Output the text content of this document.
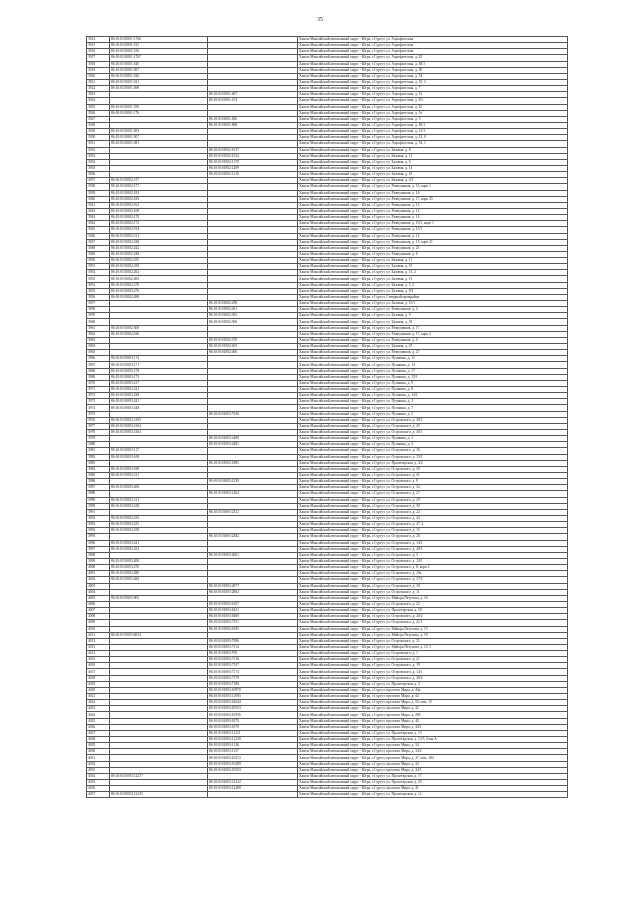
35
3914	86:10:0101001:1766		Ханты-Мансийский автономный округ - Югра, г.Сургут, ул. Аэрофлотская
3915	86:10:0101001:515		Ханты-Мансийский автономный округ - Югра, г.Сургут, ул. Аэрофлотская
3916	86:10:0101001:516		Ханты-Мансийский автономный округ - Югра, г.Сургут, ул. Аэрофлотская
3917	86:10:0101001:1767		Ханты-Мансийский автономный округ - Югра, г.Сургут, ул. Аэрофлотская, д. 25
3918	86:10:0101001:540		Ханты-Мансийский автономный округ - Югра, г.Сургут, ул. Аэрофлотская, д. 48/1
3919	86:10:0101001:567		Ханты-Мансийский автономный округ - Югра, г.Сургут, ул. Аэрофлотская, д. 50
3920	86:10:0101001:520		Ханты-Мансийский автономный округ - Югра, г.Сургут, ул. Аэрофлотская, д. 54
3921	86:10:0101001:521		Ханты-Мансийский автономный округ - Югра, г.Сургут, ул. Аэрофлотская, д. 25, 3
3922	86:10:0101001:498		Ханты-Мансийский автономный округ - Югра, г.Сургут, ул. Аэрофлотская, д. 7
3923		86:10:0101001:467	Ханты-Мансийский автономный округ - Югра, г.Сургут, ул. Аэрофлотская, д. 12
3924		86:10:0101001:474	Ханты-Мансийский автономный округ - Югра, г.Сургут, ул. Аэрофлотская, д. 8/2
3925	86:10:0101001:550		Ханты-Мансийский автономный округ - Югра, г.Сургут, ул. Аэрофлотская, д. 25
3926	86:10:0101001:176		Ханты-Мансийский автономный округ - Югра, г.Сургут, ул. Аэрофлотская, д. 5а
3927		86:10:0101001:836	Ханты-Мансийский автономный округ - Югра, г.Сургут, ул. Аэрофлотская, д. 5
3928		86:10:0101001:868	Ханты-Мансийский автономный округ - Югра, г.Сургут, ул. Аэрофлотская, д. 48/1
3929	86:10:0101001:493		Ханты-Мансийский автономный округ - Югра, г.Сургут, ул. Аэрофлотская, д. 12/1
3930	86:10:0101001:507		Ханты-Мансийский автономный округ - Югра, г.Сургут, ул. Аэрофлотская, д. 23, 0
3931	86:10:0101001:581		Ханты-Мансийский автономный округ - Югра, г.Сургут, ул. Аэрофлотская, д. 54, 1
3932		86:10:0101002:1017	Ханты-Мансийский автономный округ - Югра, г.Сургут, ул. Базовая, д. 8
3933		86:10:0101002:1024	Ханты-Мансийский автономный округ - Югра, г.Сургут, ул. Базовая, д. 12
3934		86:10:0101002:1170	Ханты-Мансийский автономный округ - Югра, г.Сургут, ул. Базовая, д. 9
3935		86:10:0101002:1209	Ханты-Мансийский автономный округ - Югра, г.Сургут, ул. Базовая, д. 14
3936		86:10:0101002:1210	Ханты-Мансийский автономный округ - Югра, г.Сургут, ул. Базовая, д. 10
3937	86:10:0101002:157		Ханты-Мансийский автономный округ - Югра, г.Сургут, ул. Базовая, д. 4/2
3938	86:10:0101002:177		Ханты-Мансийский автономный округ - Югра, г.Сургут, ул. Разведчиков, д. 15, корп 1
3939	86:10:0101002:182		Ханты-Мансийский автономный округ - Югра, г.Сургут, ул. Разведчиков, д. 16
3940	86:10:0101002:185		Ханты-Мансийский автономный округ - Югра, г.Сургут, ул. Разведчиков, д. 17, корп 25
3941	86:10:0101002:162		Ханты-Мансийский автономный округ - Югра, г.Сургут, ул. Разведчиков, д. 13
3942	86:10:0101002:168		Ханты-Мансийский автономный округ - Югра, г.Сургут, ул. Разведчиков, д. 12
3943	86:10:0101002:170		Ханты-Мансийский автономный округ - Югра, г.Сургут, ул. Разведчиков, д. 14
3944	86:10:0101002:172		Ханты-Мансийский автономный округ - Югра, г.Сургут, ул. Разведчиков, д. 10/1, корп 1
3945	86:10:0101002:194		Ханты-Мансийский автономный округ - Югра, г.Сургут, ул. Разведчиков, д. 15/1
3946	86:10:0101002:212		Ханты-Мансийский автономный округ - Югра, г.Сургут, ул. Разведчиков, д. 12
3947	86:10:0101002:236		Ханты-Мансийский автономный округ - Югра, г.Сургут, ул. Разведчиков, д. 15, корп 21
3948	86:10:0101002:242		Ханты-Мансийский автономный округ - Югра, г.Сургут, ул. Разведчиков, д. 25
3949	86:10:0101002:248		Ханты-Мансийский автономный округ - Югра, г.Сургут, ул. Разведчиков, д. 8
3950	86:10:0101002:255		Ханты-Мансийский автономный округ - Югра, г.Сургут, ул. Базовая, д. 11
3951	86:10:0101002:258		Ханты-Мансийский автономный округ - Югра, г.Сургут, ул. Базовая, д. 15
3952	86:10:0101002:262		Ханты-Мансийский автономный округ - Югра, г.Сургут, ул. Базовая, д. 15, 2
3953	86:10:0101002:265		Ханты-Мансийский автономный округ - Югра, г.Сургут, ул. Базовая, д. 15
3954	86:10:0101002:270		Ханты-Мансийский автономный округ - Югра, г.Сургут, ул. Базовая, д. 5, 2
3955	86:10:0101002:276		Ханты-Мансийский автономный округ - Югра, г.Сургут, ул. Базовая, д. 9/2
3956	86:10:0101002:286		Ханты-Мансийский автономный округ - Югра, г.Сургут, Северный промрайон
3957		86:10:0101002:298	Ханты-Мансийский автономный округ - Югра, г.Сургут, ул. Базовая, д. 15/1
3958		86:10:0101002:301	Ханты-Мансийский автономный округ - Югра, г.Сургут, ул. Разведчиков, д. 4
3959		86:10:0101002:305	Ханты-Мансийский автономный округ - Югра, г.Сургут, ул. Базовая, д. 9
3960		86:10:0101002:306	Ханты-Мансийский автономный округ - Югра, г.Сургут, ул. Базовая, д. 91
3961	86:10:0101002:300		Ханты-Мансийский автономный округ - Югра, г.Сургут, ул. Разведчиков, д. 17
3962	86:10:0101002:166		Ханты-Мансийский автономный округ - Югра, г.Сургут, ул. Разведчиков, д. 17, корп 2
3963		86:10:0101002:370	Ханты-Мансийский автономный округ - Югра, г.Сургут, ул. Разведчиков, д. 4
3964		86:10:0101002:403	Ханты-Мансийский автономный округ - Югра, г.Сургут, ул. Базовая, д. 47
3965		86:10:0101002:406	Ханты-Мансийский автономный округ - Югра, г.Сургут, ул. Разведчиков, д. 27
3966	86:10:0101003:174		Ханты-Мансийский автономный округ - Югра, г.Сургут, ул. Пушкина, д. 12
3967	86:10:0101003:171		Ханты-Мансийский автономный округ - Югра, г.Сургут, ул. Пушкина, д. 14
3968	86:10:0101003:178		Ханты-Мансийский автономный округ - Югра, г.Сургут, ул. Пушкина, д. 17
3969	86:10:0101003:173		Ханты-Мансийский автономный округ - Югра, г.Сургут, ул. Пушкина, д. 15/1
3970	86:10:0101003:217		Ханты-Мансийский автономный округ - Югра, г.Сургут, ул. Пушкина, д. 9
3971	86:10:0101003:221		Ханты-Мансийский автономный округ - Югра, г.Сургут, ул. Пушкина, д. 8
3972	86:10:0101003:238		Ханты-Мансийский автономный округ - Югра, г.Сургут, ул. Пушкина, д. 14/1
3973	86:10:0101003:241		Ханты-Мансийский автономный округ - Югра, г.Сургут, ул. Пушкина, д. 3
3974	86:10:0101003:248		Ханты-Мансийский автономный округ - Югра, г.Сургут, ул. Пушкина, д. 7
3975		86:10:0101003:7946	Ханты-Мансийский автономный округ - Югра, г.Сургут, ул. Пушкина, д. 5
3976	86:10:0101003:2165		Ханты-Мансийский автономный округ - Югра, г.Сургут, ул. Островского, д. 28/1
3977	86:10:0101003:2164		Ханты-Мансийский автономный округ - Югра, г.Сургут, ул. Островского, д. 25
3978	86:10:0101003:2163		Ханты-Мансийский автономный округ - Югра, г.Сургут, ул. Островского, д. 30/1
3979		86:10:0101003:2480	Ханты-Мансийский автономный округ - Югра, г.Сургут, ул. Пушкина, д. 1
3980		86:10:0101003:2481	Ханты-Мансийский автономный округ - Югра, г.Сургут, ул. Пушкина, д. 4
3981	86:10:0101003:117		Ханты-Мансийский автономный округ - Югра, г.Сургут, ул. Островского, д. 16
3982	86:10:0101003:169		Ханты-Мансийский автономный округ - Югра, г.Сургут, ул. Островского, д. 15/1
3983		86:10:0101003:1885	Ханты-Мансийский автономный округ - Югра, г.Сургут, ул. Пролетарская, д. 4/2
3984	86:10:0101003:188		Ханты-Мансийский автономный округ - Югра, г.Сургут, ул. Островского, д. 35
3985	86:10:0101003:211		Ханты-Мансийский автономный округ - Югра, г.Сургут, ул. Островского, д. 41
3986		86:10:0101003:2159	Ханты-Мансийский автономный округ - Югра, г.Сургут, ул. Островского, д. 8
3987	86:10:0101003:206		Ханты-Мансийский автономный округ - Югра, г.Сургут, ул. Островского, д. 32
3988		86:10:0101003:2162	Ханты-Мансийский автономный округ - Югра, г.Сургут, ул. Островского, д. 27
3989	86:10:0101003:212		Ханты-Мансийский автономный округ - Югра, г.Сургут, ул. Островского, д. 29
3990	86:10:0101003:228		Ханты-Мансийский автономный округ - Югра, г.Сургут, ул. Островского, д. 30
3991		86:10:0101003:2321	Ханты-Мансийский автономный округ - Югра, г.Сургут, ул. Островского, д. 22
3992	86:10:0101003:233		Ханты-Мансийский автономный округ - Югра, г.Сургут, ул. Островского, д. 43
3993	86:10:0101003:235		Ханты-Мансийский автономный округ - Югра, г.Сургут, ул. Островского, д. 47, 4
3994	86:10:0101003:238		Ханты-Мансийский автономный округ - Югра, г.Сургут, ул. Островского, д. 15
3995		86:10:0101003:2482	Ханты-Мансийский автономный округ - Югра, г.Сургут, ул. Островского, д. 20
3996	86:10:0101003:241		Ханты-Мансийский автономный округ - Югра, г.Сургут, ул. Островского, д. 14/1
3997	86:10:0101003:252		Ханты-Мансийский автономный округ - Югра, г.Сургут, ул. Островского, д. 40/1
3998		86:10:0101003:2601	Ханты-Мансийский автономный округ - Югра, г.Сургут, ул. Островского, д. 3
3999	86:10:0101003:260		Ханты-Мансийский автономный округ - Югра, г.Сургут, ул. Островского, д. 14/1
4000	86:10:0101003:270		Ханты-Мансийский автономный округ - Югра, г.Сургут, ул. Островского, д. 8, корп 2
4001	86:10:0101003:280		Ханты-Мансийский автономный округ - Югра, г.Сургут, ул. Островского, д. 20а
4002	86:10:0101003:282		Ханты-Мансийский автономный округ - Югра, г.Сургут, ул. Островского, д. 37/1
4003		86:10:0101003:2877	Ханты-Мансийский автономный округ - Югра, г.Сургут, ул. Островского, д. 18
4004		86:10:0101003:2882	Ханты-Мансийский автономный округ - Югра, г.Сургут, ул. Островского, д. 11
4005	86:10:0101003:905		Ханты-Мансийский автономный округ - Югра, г.Сургут, ул. Майора Петухова, д. 16
4006		86:10:0101003:6167	Ханты-Мансийский автономный округ - Югра, г.Сургут, ул. Островского, д. 22
4007		86:10:0101003:6421	Ханты-Мансийский автономный округ - Югра, г.Сургут, ул. Пролетарская, д. 18
4008		86:10:0101003:6480	Ханты-Мансийский автономный округ - Югра, г.Сургут, ул. Островского, д. 20/2
4009		86:10:0101003:7351	Ханты-Мансийский автономный округ - Югра, г.Сургут, ул. Островского, д. 21/1
4010		86:10:0101003:6195	Ханты-Мансийский автономный округ - Югра, г.Сургут, ул. Майора Петухова, д. 15
4011	86:10:0101003:6812		Ханты-Мансийский автономный округ - Югра, г.Сургут, ул. Майора Петухова, д. 19
4012		86:10:0101003:7086	Ханты-Мансийский автономный округ - Югра, г.Сургут, ул. Островского, д. 21
4013		86:10:0101003:7114	Ханты-Мансийский автономный округ - Югра, г.Сургут, ул. Майора Петухова, д. 15, 5
4014		86:10:0101003:709	Ханты-Мансийский автономный округ - Югра, г.Сургут, ул. Островского, д. 1
4015		86:10:0101003:7116	Ханты-Мансийский автономный округ - Югра, г.Сургут, ул. Островского, д. 21
4016		86:10:0101003:7157	Ханты-Мансийский автономный округ - Югра, г.Сургут, ул. Островского, д. 19
4017		86:10:0101003:7174	Ханты-Мансийский автономный округ - Югра, г.Сургут, ул. Островского, д. 14/1
4018		86:10:0101003:7179	Ханты-Мансийский автономный округ - Югра, г.Сургут, ул. Островского, д. 28/2
4019		86:10:0101003:7180	Ханты-Мансийский автономный округ - Югра, г.Сургут, ул. Пролетарская, д. 2
4020		86:10:0101003:10978	Ханты-Мансийский автономный округ - Югра, г.Сургут, проспект Мира, д. 44а
4021		86:10:0101003:11083	Ханты-Мансийский автономный округ - Югра, г.Сургут, проспект Мира, д. 44
4022		86:10:0101003:10644	Ханты-Мансийский автономный округ - Югра, г.Сургут, проспект Мира, д. 55, пом. 15
4023		86:10:0101003:10553	Ханты-Мансийский автономный округ - Югра, г.Сургут, проспект Мира, д. 42
4024		86:10:0101003:10556	Ханты-Мансийский автономный округ - Югра, г.Сургут, проспект Мира, д. 28б
4025		86:10:0101003:1075	Ханты-Мансийский автономный округ - Югра, г.Сургут, проспект Мира, д. 40
4026		86:10:0101003:1079	Ханты-Мансийский автономный округ - Югра, г.Сургут, проспект Мира, д. 44/1
4027		86:10:0101003:11211	Ханты-Мансийский автономный округ - Югра, г.Сургут, ул. Пролетарская, д. 13
4028		86:10:0101003:11230	Ханты-Мансийский автономный округ - Югра, г.Сургут, ул. Пролетарская, д. 13/5, блок А
4029		86:10:0101003:1136	Ханты-Мансийский автономный округ - Югра, г.Сургут, проспект Мира, д. 34
4030		86:10:0101003:1137	Ханты-Мансийский автономный округ - Югра, г.Сургут, проспект Мира, д. 34/2
4031		86:10:0101003:10472	Ханты-Мансийский автономный округ - Югра, г.Сургут, проспект Мира, д. 37, пом. 184
4032		86:10:0101003:10489	Ханты-Мансийский автономный округ - Югра, г.Сургут, проспект Мира, д. 44
4033		86:10:0101003:10503	Ханты-Мансийский автономный округ - Югра, г.Сургут, проспект Мира, д. 44/1
4034	86:10:0101003:12217		Ханты-Мансийский автономный округ - Югра, г.Сургут, ул. Пролетарская, д. 17
4035		86:10:0101003:12222	Ханты-Мансийский автономный округ - Югра, г.Сургут, ул. Пролетарская, д. 20
4036		86:10:0101003:12488	Ханты-Мансийский автономный округ - Югра, г.Сургут, проспект Мира, д. 41
4037	86:10:0101003:12325		Ханты-Мансийский автономный округ - Югра, г.Сургут, ул. Пролетарская, д. 12
